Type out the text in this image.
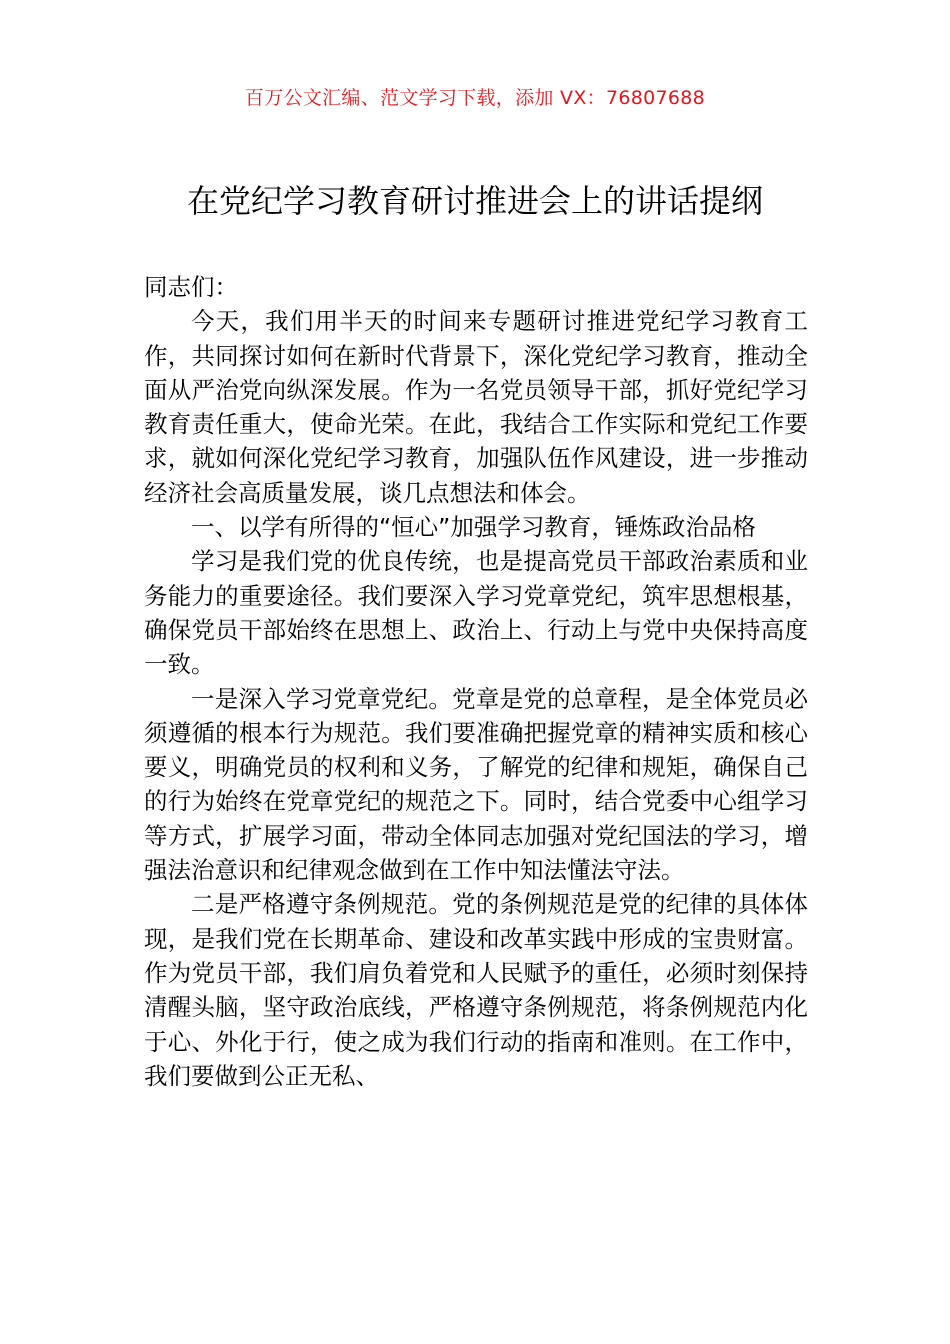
百万公文汇编、范文学习下载，添加 VX：76807688
在党纪学习教育研讨推进会上的讲话提纲

同志们：

今天，我们用半天的时间来专题研讨推进党纪学习教育工作，共同探讨如何在新时代背景下，深化党纪学习教育，推动全面从严治党向纵深发展。作为一名党员领导干部，抓好党纪学习教育责任重大，使命光荣。在此，我结合工作实际和党纪工作要求，就如何深化党纪学习教育，加强队伍作风建设，进一步推动经济社会高质量发展，谈几点想法和体会。

一、以学有所得的“恒心”加强学习教育，锤炼政治品格

学习是我们党的优良传统，也是提高党员干部政治素质和业务能力的重要途径。我们要深入学习党章党纪，筑牢思想根基，确保党员干部始终在思想上、政治上、行动上与党中央保持高度一致。

一是深入学习党章党纪。党章是党的总章程，是全体党员必须遵循的根本行为规范。我们要准确把握党章的精神实质和核心要义，明确党员的权利和义务，了解党的纪律和规矩，确保自己的行为始终在党章党纪的规范之下。同时，结合党委中心组学习等方式，扩展学习面，带动全体同志加强对党纪国法的学习，增强法治意识和纪律观念做到在工作中知法懂法守法。

二是严格遵守条例规范。党的条例规范是党的纪律的具体体现，是我们党在长期革命、建设和改革实践中形成的宝贵财富。作为党员干部，我们肩负着党和人民赋予的重任，必须时刻保持清醒头脑，坚守政治底线，严格遵守条例规范，将条例规范内化于心、外化于行，使之成为我们行动的指南和准则。在工作中，我们要做到公正无私、
